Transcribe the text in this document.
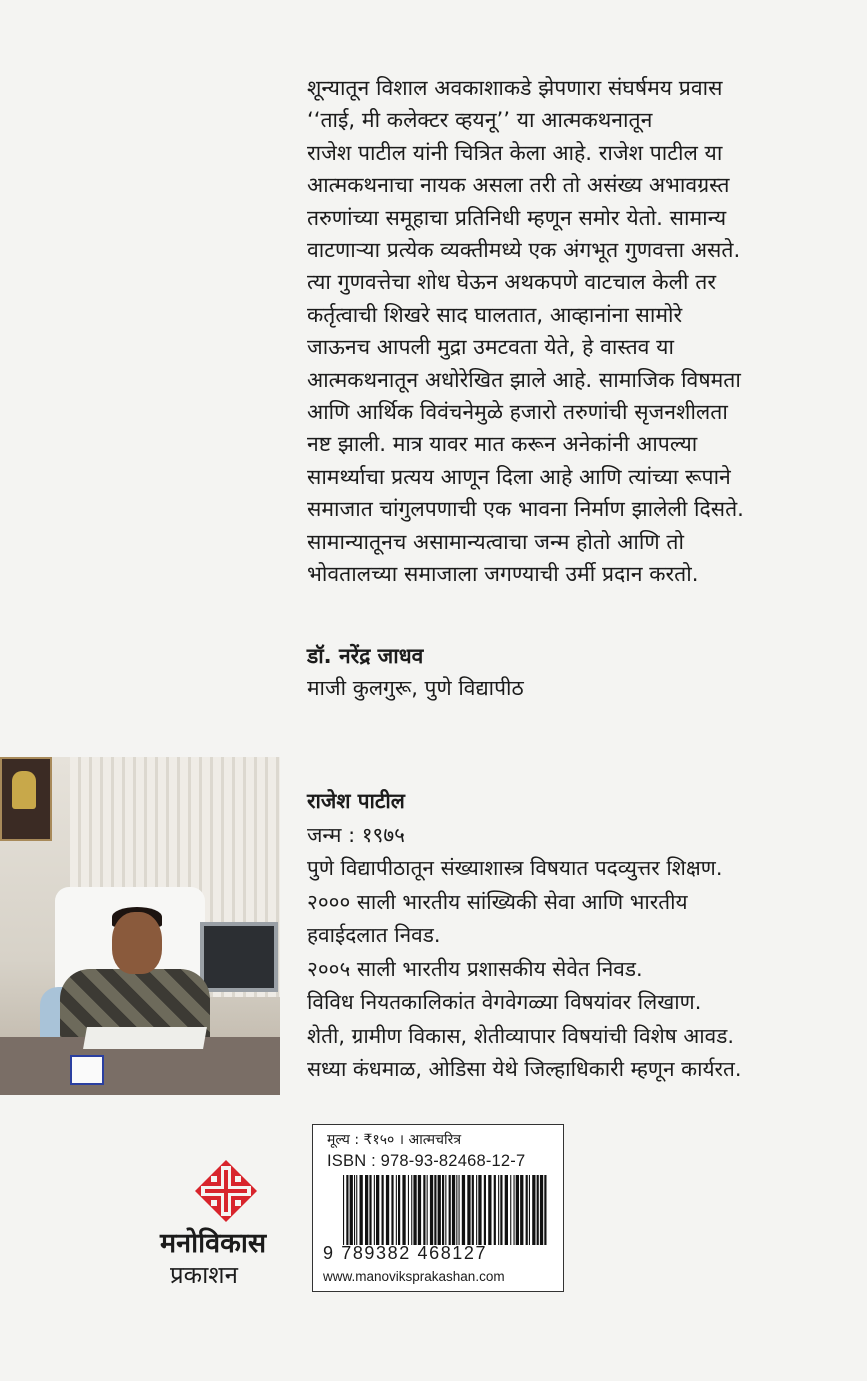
शून्यातून विशाल अवकाशाकडे झेपणारा संघर्षमय प्रवास
‘‘ताई, मी कलेक्टर व्हयनू’’ या आत्मकथनातून
राजेश पाटील यांनी चित्रित केला आहे. राजेश पाटील या
आत्मकथनाचा नायक असला तरी तो असंख्य अभावग्रस्त
तरुणांच्या समूहाचा प्रतिनिधी म्हणून समोर येतो. सामान्य
वाटणाऱ्या प्रत्येक व्यक्तीमध्ये एक अंगभूत गुणवत्ता असते.
त्या गुणवत्तेचा शोध घेऊन अथकपणे वाटचाल केली तर
कर्तृत्वाची शिखरे साद घालतात, आव्हानांना सामोरे
जाऊनच आपली मुद्रा उमटवता येते, हे वास्तव या
आत्मकथनातून अधोरेखित झाले आहे. सामाजिक विषमता
आणि आर्थिक विवंचनेमुळे हजारो तरुणांची सृजनशीलता
नष्ट झाली. मात्र यावर मात करून अनेकांनी आपल्या
सामर्थ्याचा प्रत्यय आणून दिला आहे आणि त्यांच्या रूपाने
समाजात चांगुलपणाची एक भावना निर्माण झालेली दिसते.
सामान्यातूनच असामान्यत्वाचा जन्म होतो आणि तो
भोवतालच्या समाजाला जगण्याची उर्मी प्रदान करतो.
डॉ. नरेंद्र जाधव
माजी कुलगुरू, पुणे विद्यापीठ
राजेश पाटील
जन्म : १९७५
पुणे विद्यापीठातून संख्याशास्त्र विषयात पदव्युत्तर शिक्षण.
२००० साली भारतीय सांख्यिकी सेवा आणि भारतीय
हवाईदलात निवड.
२००५ साली भारतीय प्रशासकीय सेवेत निवड.
विविध नियतकालिकांत वेगवेगळ्या विषयांवर लिखाण.
शेती, ग्रामीण विकास, शेतीव्यापार विषयांची विशेष आवड.
सध्या कंधमाळ, ओडिसा येथे जिल्हाधिकारी म्हणून कार्यरत.
मनोविकास
प्रकाशन
मूल्य : ₹१५० । आत्मचरित्र
ISBN : 978-93-82468-12-7
9 789382 468127
www.manoviksprakashan.com
